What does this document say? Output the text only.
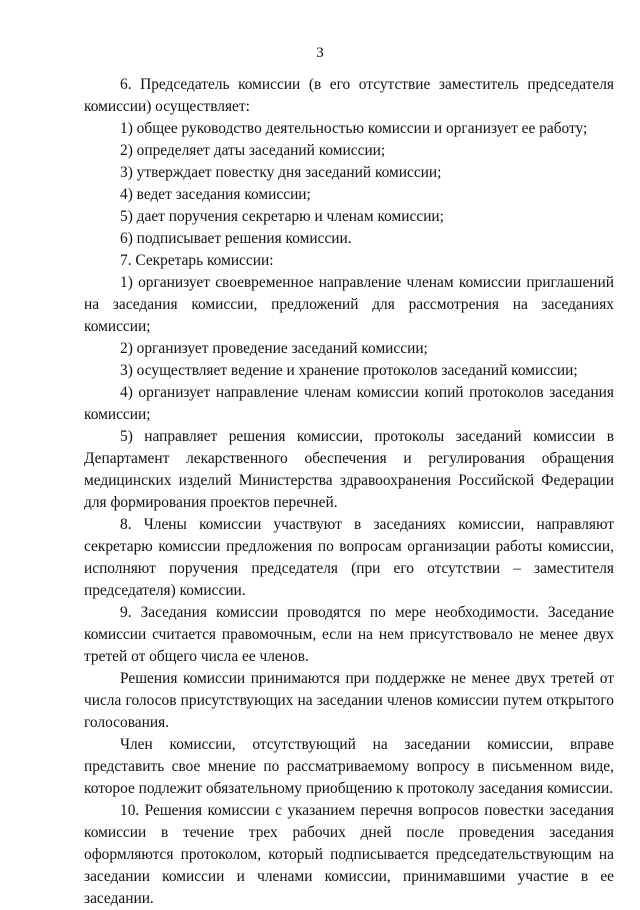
3

6. Председатель комиссии (в его отсутствие заместитель председателя комиссии) осуществляет:

1) общее руководство деятельностью комиссии и организует ее работу;

2) определяет даты заседаний комиссии;

3) утверждает повестку дня заседаний комиссии;

4) ведет заседания комиссии;

5) дает поручения секретарю и членам комиссии;

6) подписывает решения комиссии.

7. Секретарь комиссии:

1) организует своевременное направление членам комиссии приглашений на заседания комиссии, предложений для рассмотрения на заседаниях комиссии;

2) организует проведение заседаний комиссии;

3) осуществляет ведение и хранение протоколов заседаний комиссии;

4) организует направление членам комиссии копий протоколов заседания комиссии;

5) направляет решения комиссии, протоколы заседаний комиссии в Департамент лекарственного обеспечения и регулирования обращения медицинских изделий Министерства здравоохранения Российской Федерации для формирования проектов перечней.

8. Члены комиссии участвуют в заседаниях комиссии, направляют секретарю комиссии предложения по вопросам организации работы комиссии, исполняют поручения председателя (при его отсутствии – заместителя председателя) комиссии.

9. Заседания комиссии проводятся по мере необходимости. Заседание комиссии считается правомочным, если на нем присутствовало не менее двух третей от общего числа ее членов.

Решения комиссии принимаются при поддержке не менее двух третей от числа голосов присутствующих на заседании членов комиссии путем открытого голосования.

Член комиссии, отсутствующий на заседании комиссии, вправе представить свое мнение по рассматриваемому вопросу в письменном виде, которое подлежит обязательному приобщению к протоколу заседания комиссии.

10. Решения комиссии с указанием перечня вопросов повестки заседания комиссии в течение трех рабочих дней после проведения заседания оформляются протоколом, который подписывается председательствующим на заседании комиссии и членами комиссии, принимавшими участие в ее заседании.
